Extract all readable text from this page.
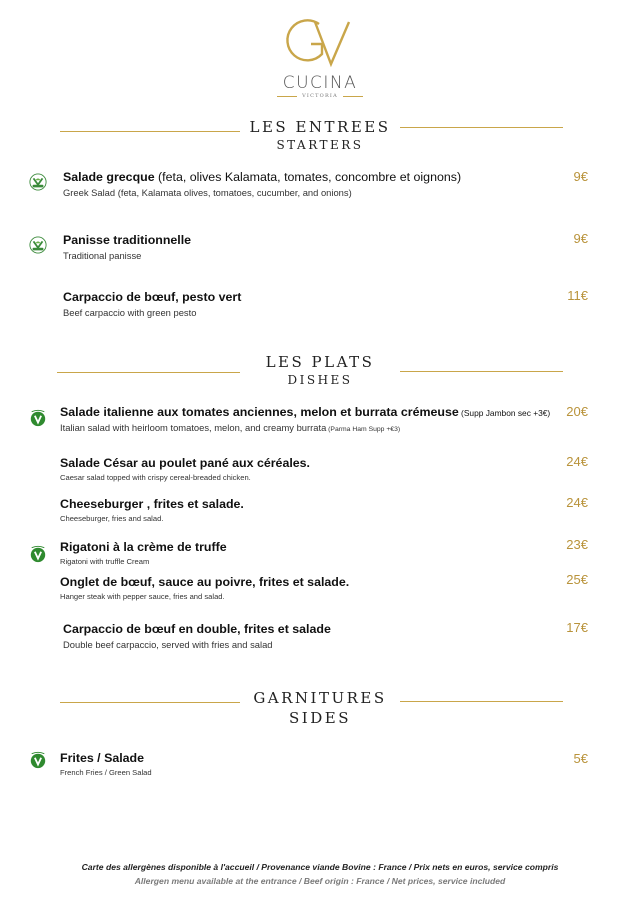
CUCINA
VICTORIA
LES ENTREES
STARTERS
Salade grecque (feta, olives Kalamata, tomates, concombre et oignons)
Greek Salad (feta, Kalamata olives, tomatoes, cucumber, and onions)
9€
Panisse traditionnelle
Traditional panisse
9€
Carpaccio de bœuf, pesto vert
Beef carpaccio with green pesto
11€
LES PLATS
DISHES
Salade italienne aux tomates anciennes, melon et burrata crémeuse (Supp Jambon sec +3€)
Italian salad with heirloom tomatoes, melon, and creamy burrata (Parma Ham Supp +€3)
20€
Salade César au poulet pané aux céréales.
Caesar salad topped with crispy cereal-breaded chicken.
24€
Cheeseburger , frites et salade.
Cheeseburger, fries and salad.
24€
Rigatoni à la crème de truffe
Rigatoni with truffle Cream
23€
Onglet de bœuf, sauce au poivre, frites et salade.
Hanger steak with pepper sauce, fries and salad.
25€
Carpaccio de bœuf en double, frites et salade
Double beef carpaccio, served with fries and salad
17€
GARNITURES
SIDES
Frites / Salade
French Fries / Green Salad
5€
Carte des allergènes disponible à l'accueil / Provenance viande Bovine : France / Prix nets en euros, service compris
Allergen menu available at the entrance / Beef origin : France / Net prices, service included
